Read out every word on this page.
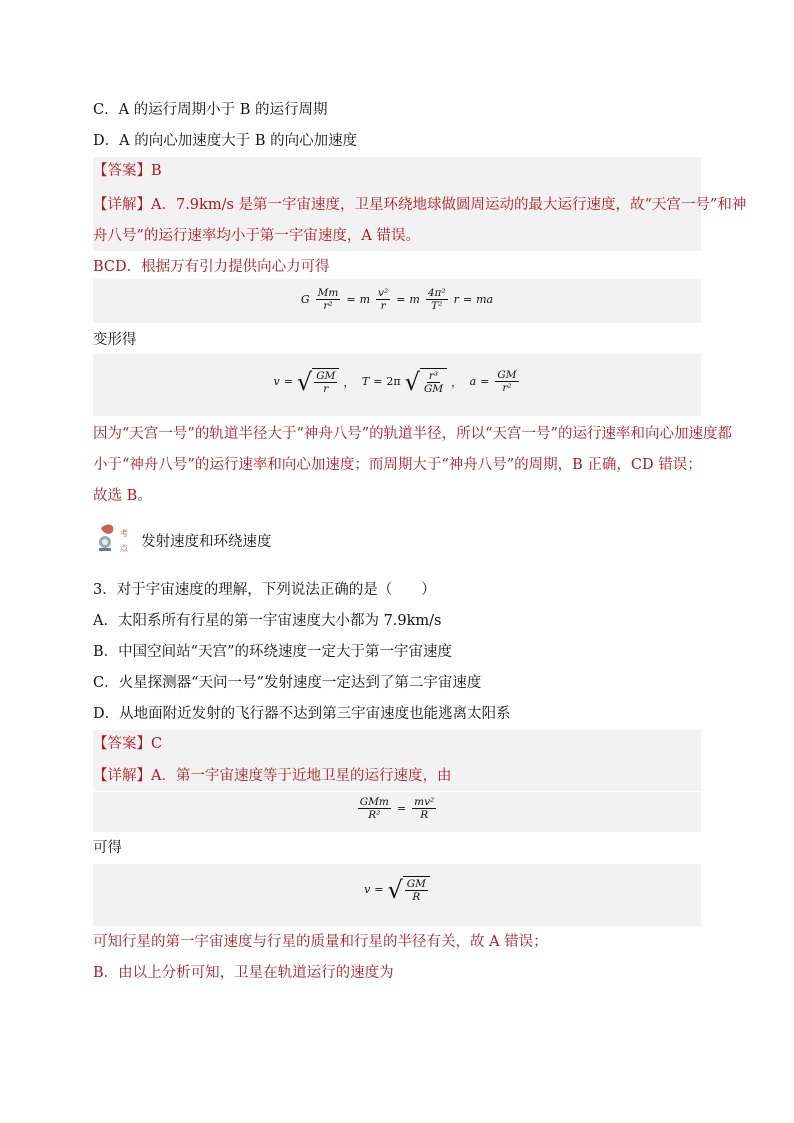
C．A 的运行周期小于 B 的运行周期
D．A 的向心加速度大于 B 的向心加速度
【答案】B
【详解】A．7.9km/s 是第一宇宙速度，卫星环绕地球做圆周运动的最大运行速度，故“天宫一号”和神
舟八号”的运行速率均小于第一宇宙速度，A 错误。
BCD．根据万有引力提供向心力可得
G $\frac{Mm}{\text{r²}} = m \frac{\text{v²}}{r} = m \frac{\text{4π²}}{\text{T²}}$ r = ma
变形得
v = √ $\frac{GM}{r}$ ， T = 2π √ $\frac{\text{r³}}{GM}$ ， $a = \frac{GM}{\text{r²}}$
因为“天宫一号”的轨道半径大于“神舟八号”的轨道半径，所以“天宫一号”的运行速率和向心加速度都
小于“神舟八号”的运行速率和向心加速度；而周期大于“神舟八号”的周期，B 正确，CD 错误；
故选 B。
考
点 发射速度和环绕速度
3．对于宇宙速度的理解，下列说法正确的是（　　）
A．太阳系所有行星的第一宇宙速度大小都为 7.9km/s
B．中国空间站“天宫”的环绕速度一定大于第一宇宙速度
C．火星探测器“天问一号”发射速度一定达到了第二宇宙速度
D．从地面附近发射的飞行器不达到第三宇宙速度也能逃离太阳系
【答案】C
【详解】A．第一宇宙速度等于近地卫星的运行速度，由
$\frac{\text{GMm}}{\text{R²}} = \frac{\text{mv²}}{R}$
可得
v = √ $\frac{GM}{R}$
可知行星的第一宇宙速度与行星的质量和行星的半径有关，故 A 错误；
B．由以上分析可知，卫星在轨道运行的速度为
